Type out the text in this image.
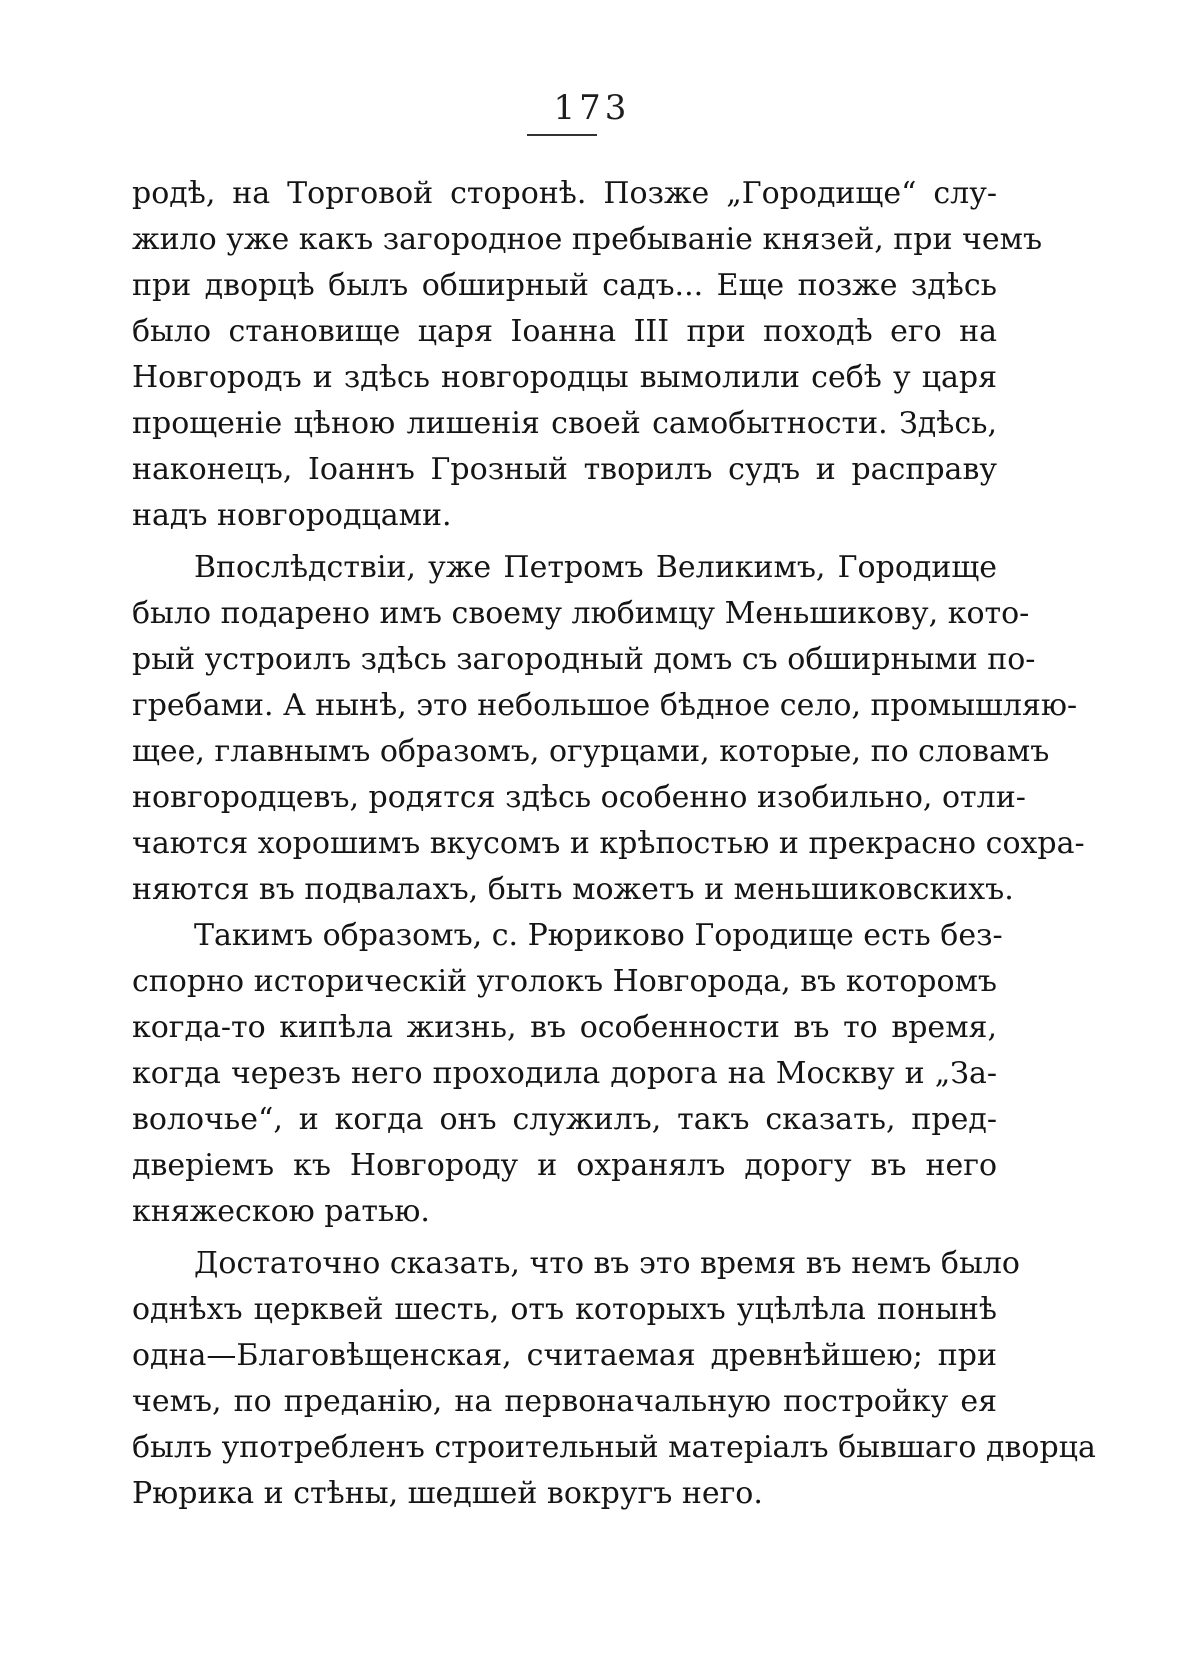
173
родѣ, на Торговой сторонѣ. Позже „Городище“ слу-
жило уже какъ загородное пребываніе князей, при чемъ
при дворцѣ былъ обширный садъ... Еще позже здѣсь
было становище царя Іоанна III при походѣ его на
Новгородъ и здѣсь новгородцы вымолили себѣ у царя
прощеніе цѣною лишенія своей самобытности. Здѣсь,
наконецъ, Іоаннъ Грозный творилъ судъ и расправу
надъ новгородцами.
Впослѣдствіи, уже Петромъ Великимъ, Городище
было подарено имъ своему любимцу Меньшикову, кото-
рый устроилъ здѣсь загородный домъ съ обширными по-
гребами. А нынѣ, это небольшое бѣдное село, промышляю-
щее, главнымъ образомъ, огурцами, которые, по словамъ
новгородцевъ, родятся здѣсь особенно изобильно, отли-
чаются хорошимъ вкусомъ и крѣпостью и прекрасно сохра-
няются въ подвалахъ, быть можетъ и меньшиковскихъ.
Такимъ образомъ, с. Рюриково Городище есть без-
спорно историческій уголокъ Новгорода, въ которомъ
когда-то кипѣла жизнь, въ особенности въ то время,
когда черезъ него проходила дорога на Москву и „За-
волочье“, и когда онъ служилъ, такъ сказать, пред-
дверіемъ къ Новгороду и охранялъ дорогу въ него
княжескою ратью.
Достаточно сказать, что въ это время въ немъ было
однѣхъ церквей шесть, отъ которыхъ уцѣлѣла понынѣ
одна—Благовѣщенская, считаемая древнѣйшею; при
чемъ, по преданію, на первоначальную постройку ея
былъ употребленъ строительный матеріалъ бывшаго дворца
Рюрика и стѣны, шедшей вокругъ него.
